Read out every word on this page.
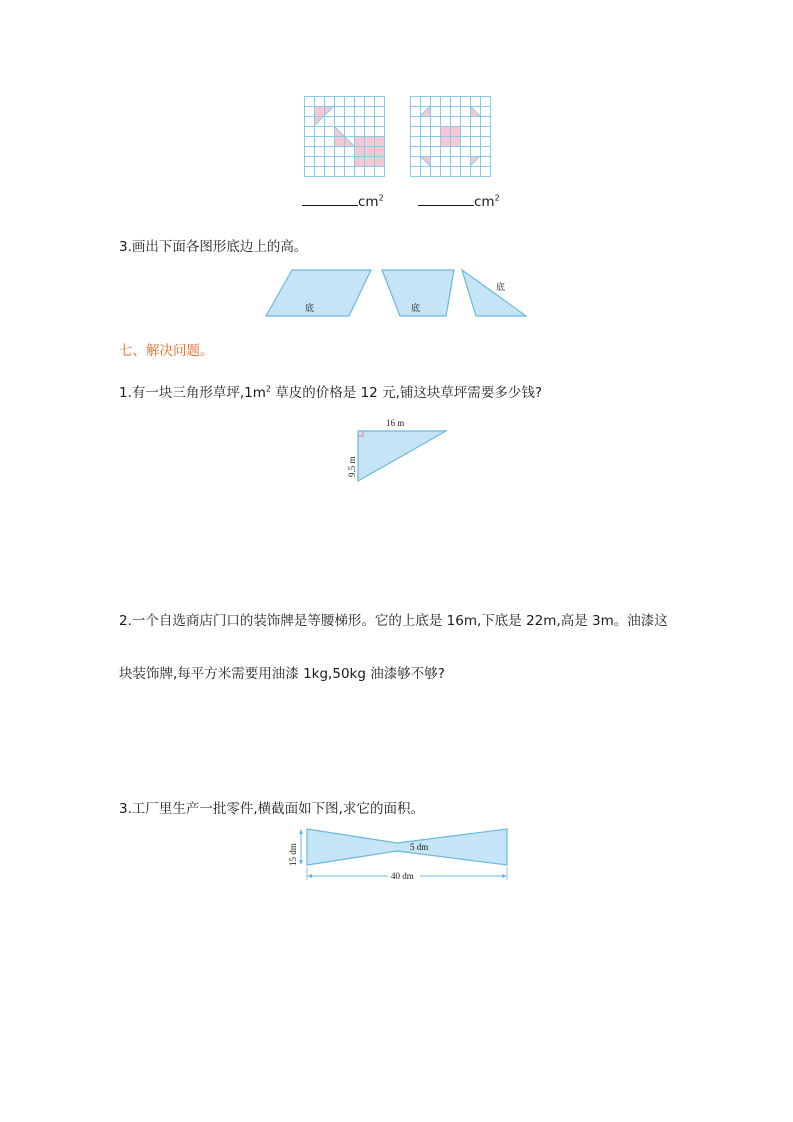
$cm^2$	$cm^2$
3.画出下面各图形底边上的高。
底	底
底
七、解决问题。
1.有一块三角形草坪$,1m^2$ 草皮的价格是 12 元,铺这块草坪需要多少钱?
16 m
9.5 m
2.一个自选商店门口的装饰牌是等腰梯形。它的上底是 16m,下底是 22m,高是 3m。油漆这
块装饰牌,每平方米需要用油漆 1kg,50kg 油漆够不够?
3.工厂里生产一批零件,横截面如下图,求它的面积。
15 dm	5 dm
40 dm
